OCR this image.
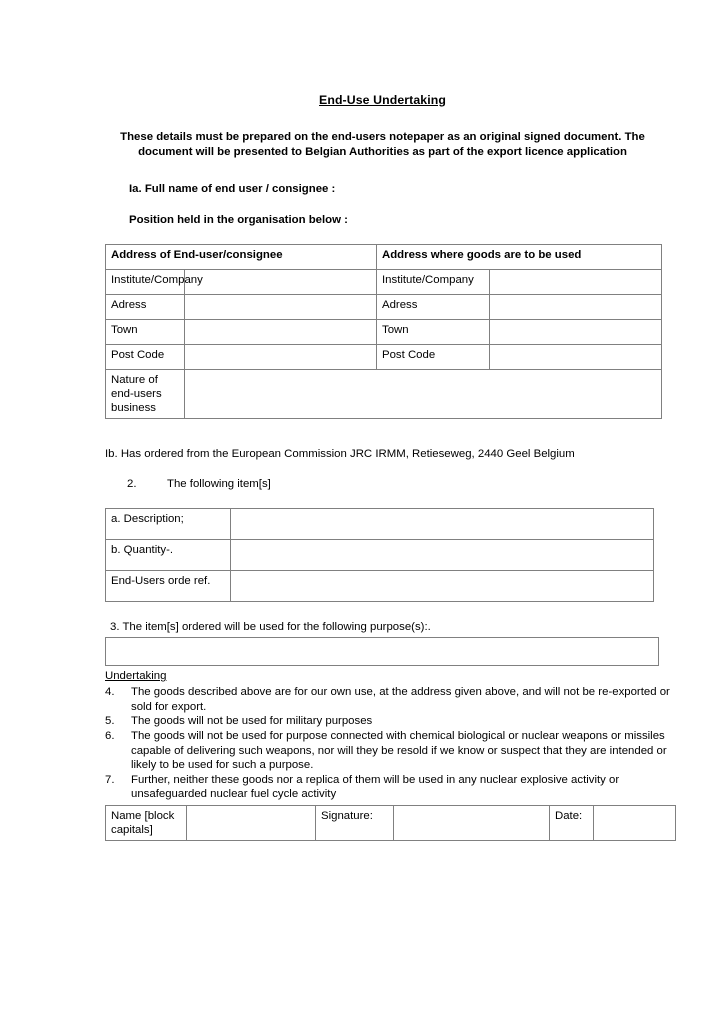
End-Use Undertaking
These details must be prepared on the end-users notepaper as an original signed document. The document will be presented to Belgian Authorities as part of the export licence application
Ia. Full name of end user / consignee :
Position held in the organisation below :
Address of End-user/consignee		Address where goods are to be used	
Institute/Company		Institute/Company	
Adress		Adress	
Town		Town	
Post Code		Post Code	
Nature of end-users business			
Ib. Has ordered from the European Commission JRC IRMM, Retieseweg, 2440 Geel Belgium
2.	The following item[s]
a. Description;	
b. Quantity-.	
End-Users orde ref.	
3. The item[s] ordered will be used for the following purpose(s):.
Undertaking
4.	The goods described above are for our own use, at the address given above, and will not be re-exported or sold for export.
5.	The goods will not be used for military purposes
6.	The goods will not be used for purpose connected with chemical biological or nuclear weapons or missiles capable of delivering such weapons, nor will they be resold if we know or suspect that they are intended or likely to be used for such a purpose.
7.	Further, neither these goods nor a replica of them will be used in any nuclear explosive activity or unsafeguarded nuclear fuel cycle activity
Name [block capitals]		Signature:		Date:	
